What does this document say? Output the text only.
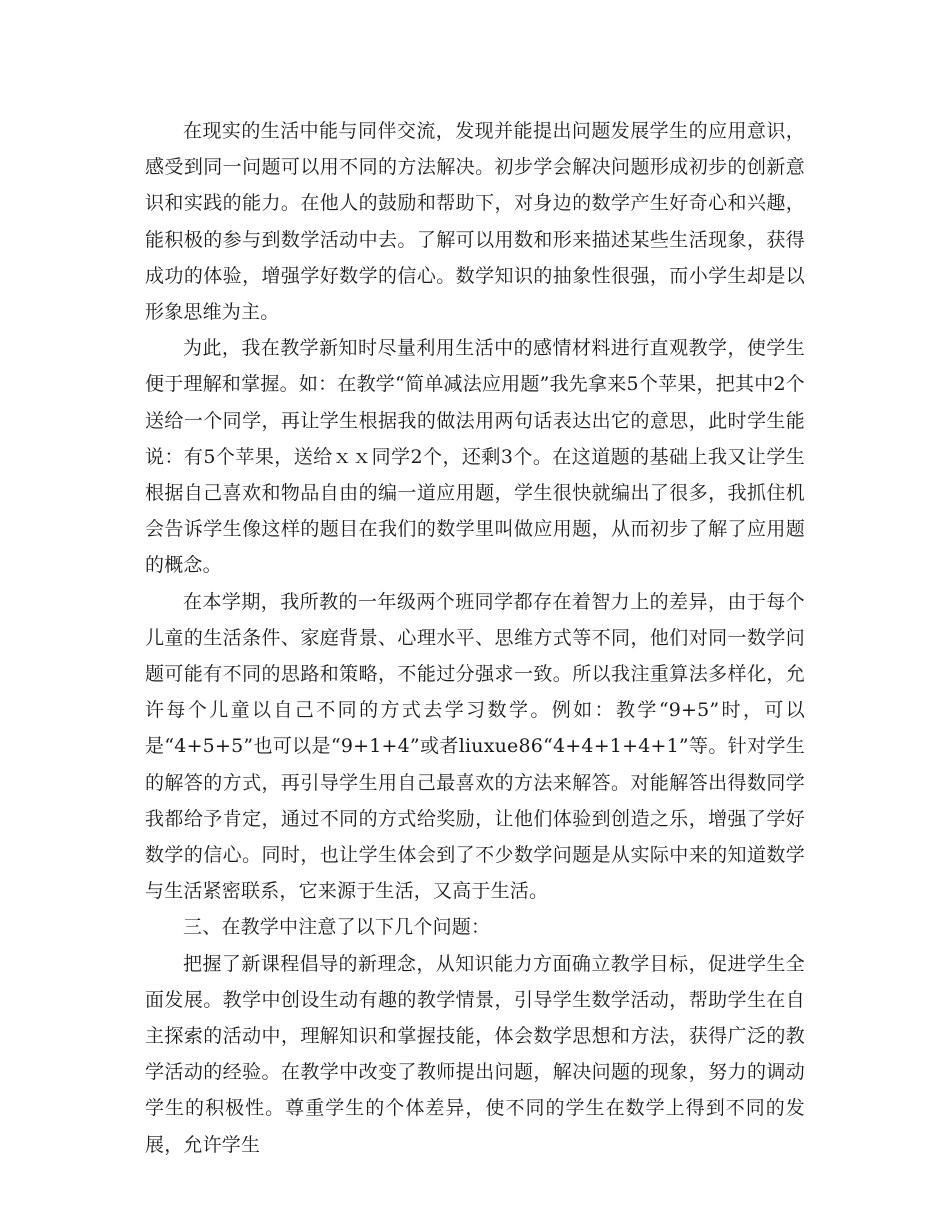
在现实的生活中能与同伴交流，发现并能提出问题发展学生的应用意识，感受到同一问题可以用不同的方法解决。初步学会解决问题形成初步的创新意识和实践的能力。在他人的鼓励和帮助下，对身边的数学产生好奇心和兴趣，能积极的参与到数学活动中去。了解可以用数和形来描述某些生活现象，获得成功的体验，增强学好数学的信心。数学知识的抽象性很强，而小学生却是以形象思维为主。

为此，我在教学新知时尽量利用生活中的感情材料进行直观教学，使学生便于理解和掌握。如：在教学“简单减法应用题”我先拿来5个苹果，把其中2个送给一个同学，再让学生根据我的做法用两句话表达出它的意思，此时学生能说：有5个苹果，送给ｘｘ同学2个，还剩3个。在这道题的基础上我又让学生根据自己喜欢和物品自由的编一道应用题，学生很快就编出了很多，我抓住机会告诉学生像这样的题目在我们的数学里叫做应用题，从而初步了解了应用题的概念。

在本学期，我所教的一年级两个班同学都存在着智力上的差异，由于每个儿童的生活条件、家庭背景、心理水平、思维方式等不同，他们对同一数学问题可能有不同的思路和策略，不能过分强求一致。所以我注重算法多样化，允许每个儿童以自己不同的方式去学习数学。例如：教学“9+5”时，可以是“4+5+5”也可以是“9+1+4”或者liuxue86“4+4+1+4+1”等。针对学生的解答的方式，再引导学生用自己最喜欢的方法来解答。对能解答出得数同学我都给予肯定，通过不同的方式给奖励，让他们体验到创造之乐，增强了学好数学的信心。同时，也让学生体会到了不少数学问题是从实际中来的知道数学与生活紧密联系，它来源于生活，又高于生活。

三、在教学中注意了以下几个问题：

把握了新课程倡导的新理念，从知识能力方面确立教学目标，促进学生全面发展。教学中创设生动有趣的教学情景，引导学生数学活动，帮助学生在自主探索的活动中，理解知识和掌握技能，体会数学思想和方法，获得广泛的教学活动的经验。在教学中改变了教师提出问题，解决问题的现象，努力的调动学生的积极性。尊重学生的个体差异，使不同的学生在数学上得到不同的发展，允许学生
